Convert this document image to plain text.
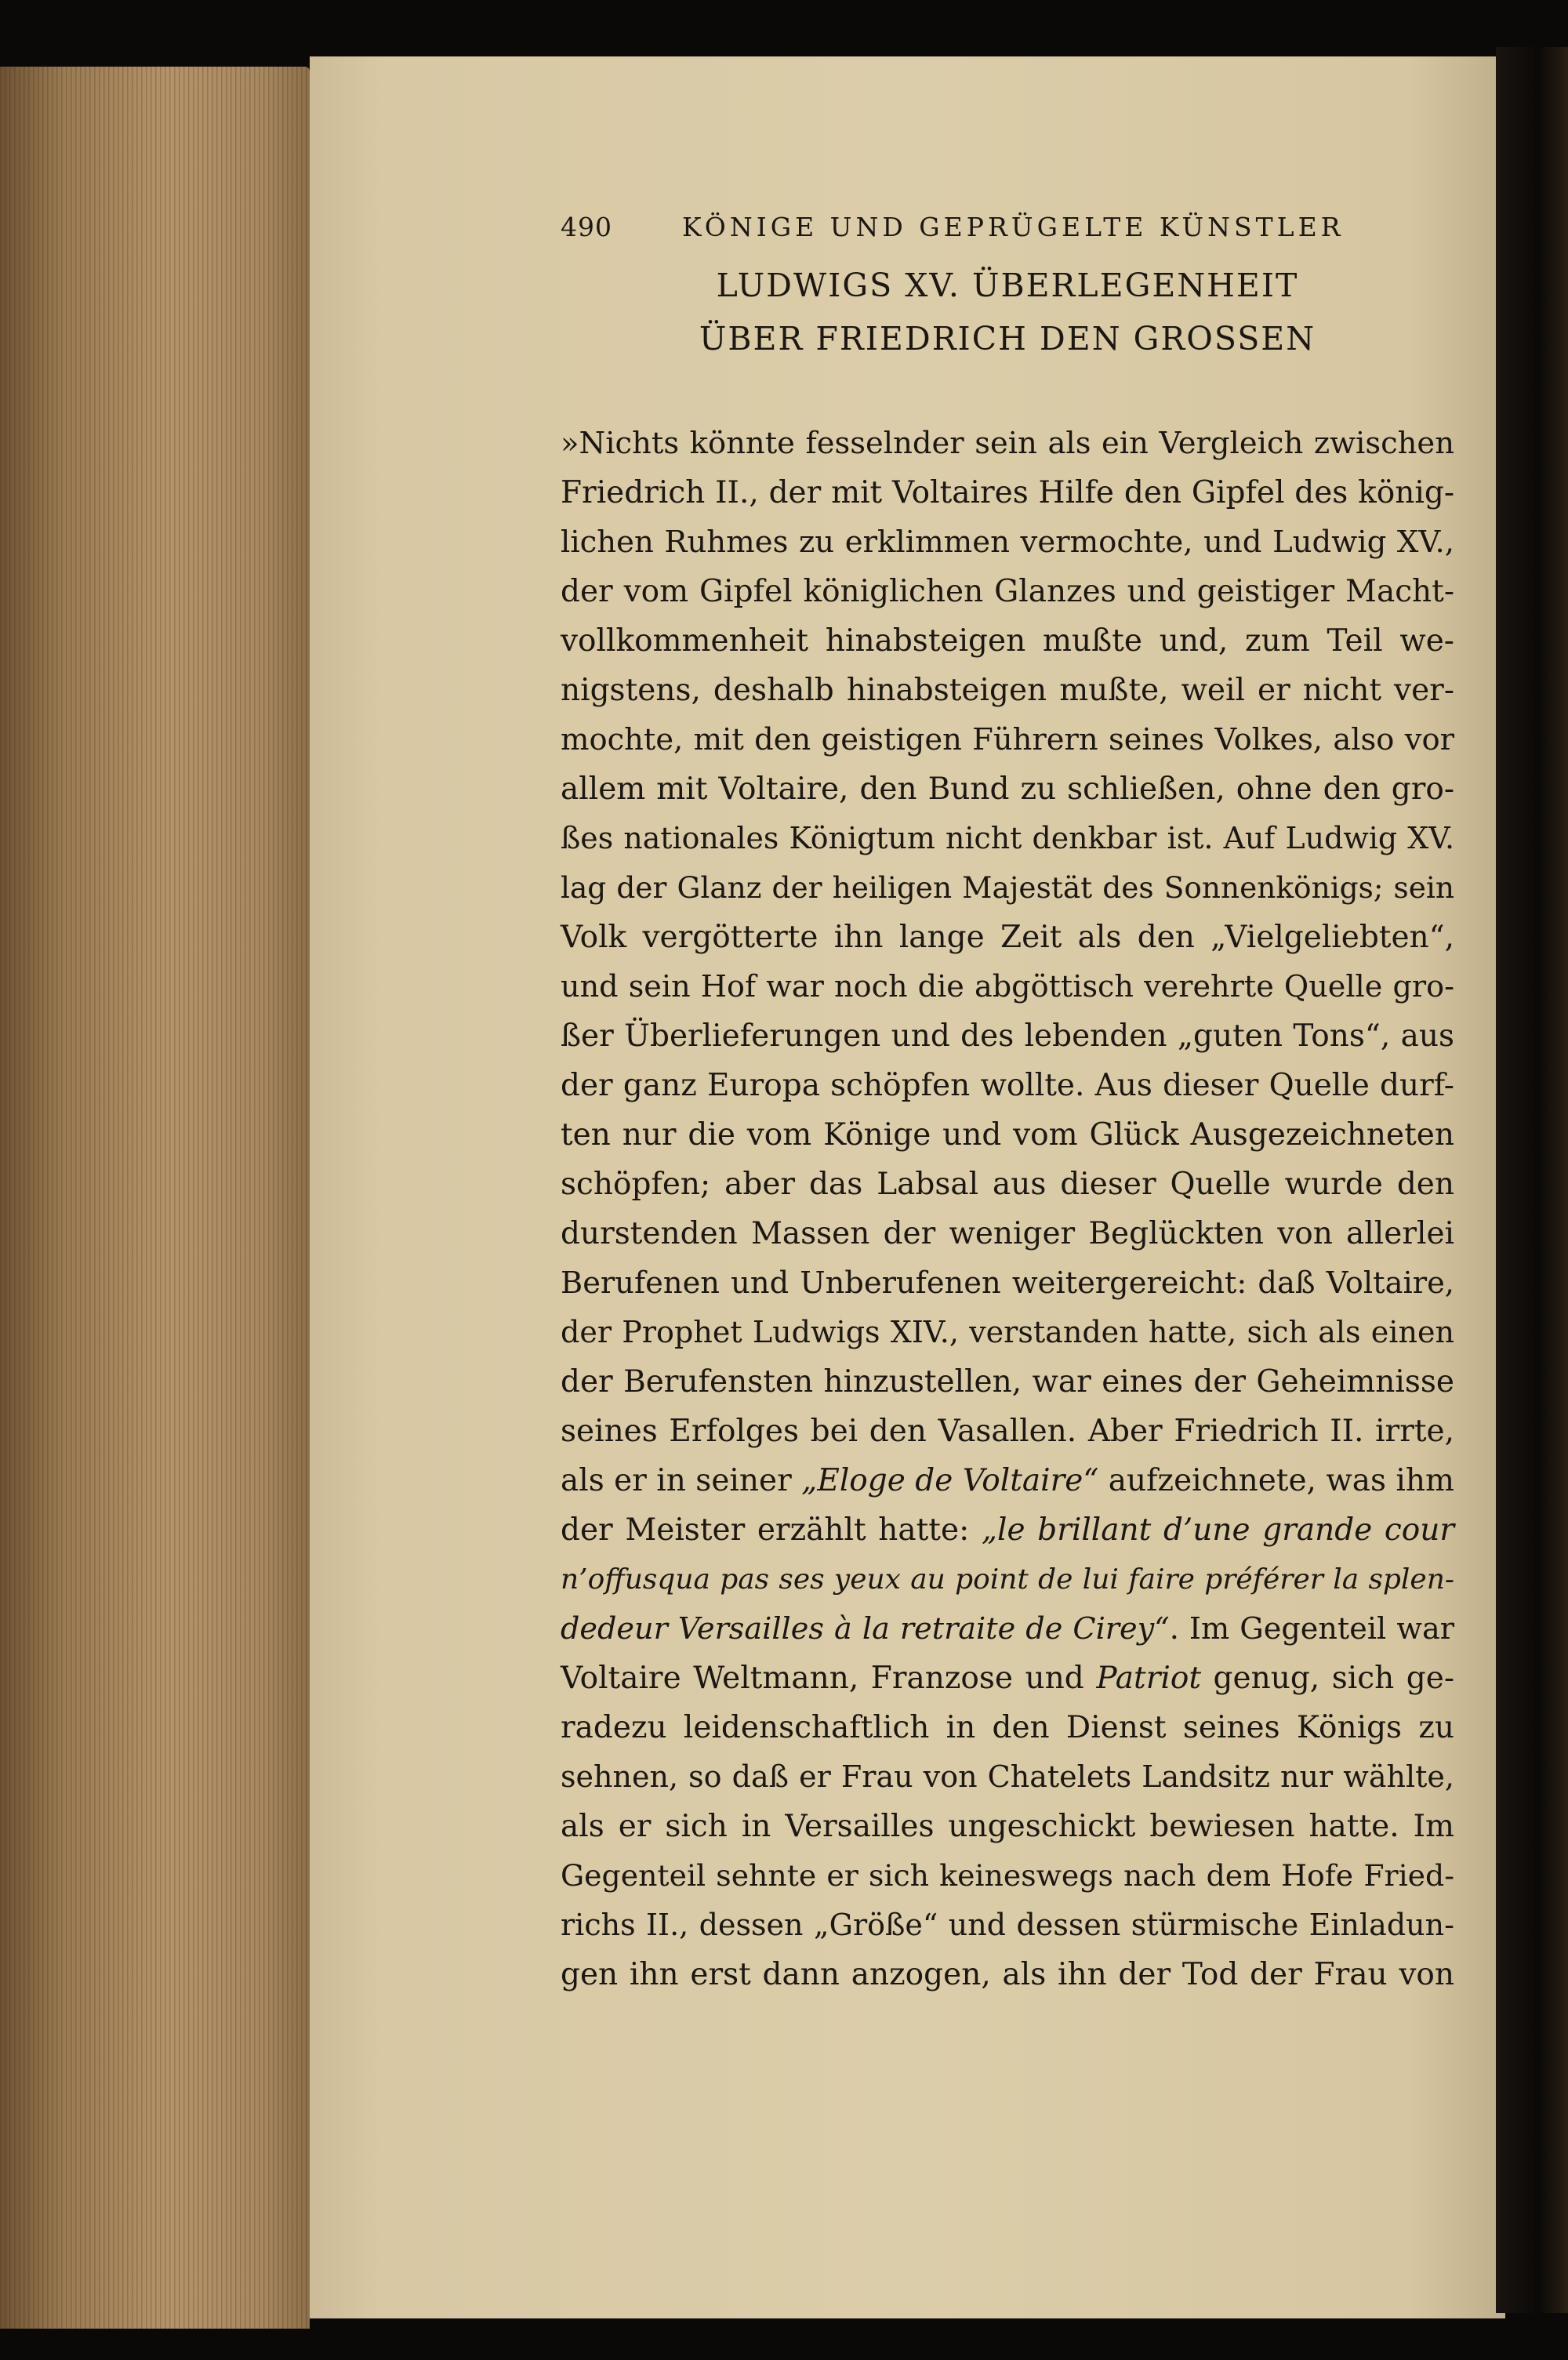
490	KÖNIGE UND GEPRÜGELTE KÜNSTLER
LUDWIGS XV. ÜBERLEGENHEIT
ÜBER FRIEDRICH DEN GROSSEN
»Nichts könnte fesselnder sein als ein Vergleich zwischen
Friedrich II., der mit Voltaires Hilfe den Gipfel des könig-
lichen Ruhmes zu erklimmen vermochte, und Ludwig XV.,
der vom Gipfel königlichen Glanzes und geistiger Macht-
vollkommenheit hinabsteigen mußte und, zum Teil we-
nigstens, deshalb hinabsteigen mußte, weil er nicht ver-
mochte, mit den geistigen Führern seines Volkes, also vor
allem mit Voltaire, den Bund zu schließen, ohne den gro-
ßes nationales Königtum nicht denkbar ist. Auf Ludwig XV.
lag der Glanz der heiligen Majestät des Sonnenkönigs; sein
Volk vergötterte ihn lange Zeit als den „Vielgeliebten“,
und sein Hof war noch die abgöttisch verehrte Quelle gro-
ßer Überlieferungen und des lebenden „guten Tons“, aus
der ganz Europa schöpfen wollte. Aus dieser Quelle durf-
ten nur die vom Könige und vom Glück Ausgezeichneten
schöpfen; aber das Labsal aus dieser Quelle wurde den
durstenden Massen der weniger Beglückten von allerlei
Berufenen und Unberufenen weitergereicht: daß Voltaire,
der Prophet Ludwigs XIV., verstanden hatte, sich als einen
der Berufensten hinzustellen, war eines der Geheimnisse
seines Erfolges bei den Vasallen. Aber Friedrich II. irrte,
als er in seiner „Eloge de Voltaire“ aufzeichnete, was ihm
der Meister erzählt hatte: „le brillant d’une grande cour
n’offusqua pas ses yeux au point de lui faire préférer la splen-
dedeur Versailles à la retraite de Cirey“. Im Gegenteil war
Voltaire Weltmann, Franzose und Patriot genug, sich ge-
radezu leidenschaftlich in den Dienst seines Königs zu
sehnen, so daß er Frau von Chatelets Landsitz nur wählte,
als er sich in Versailles ungeschickt bewiesen hatte. Im
Gegenteil sehnte er sich keineswegs nach dem Hofe Fried-
richs II., dessen „Größe“ und dessen stürmische Einladun-
gen ihn erst dann anzogen, als ihn der Tod der Frau von
